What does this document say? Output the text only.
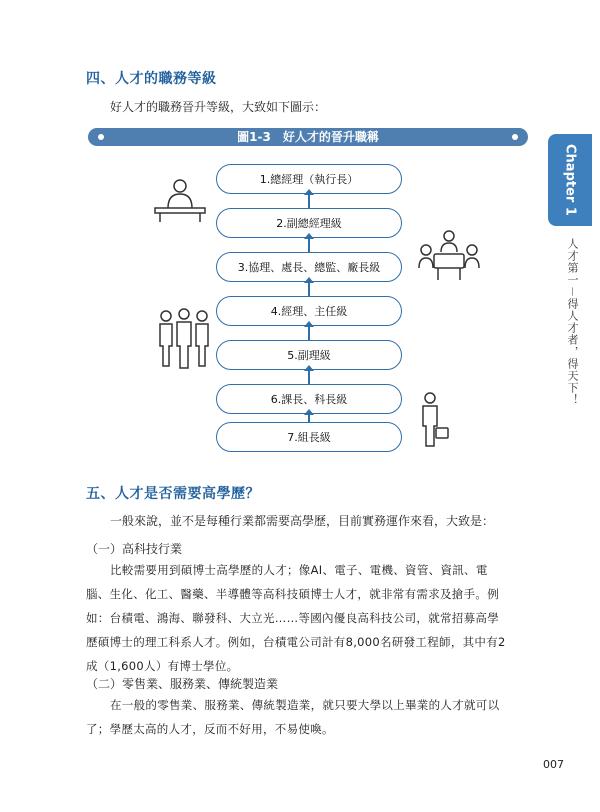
四、人才的職務等級
好人才的職務晉升等級，大致如下圖示：
圖1-3　好人才的晉升職稱
Chapter 1
人才第一－得人才者，得天下！
1.總經理（執行長）
2.副總經理級
3.協理、處長、總監、廠長級
4.經理、主任級
5.副理級
6.課長、科長級
7.組長級
五、人才是否需要高學歷？
一般來說，並不是每種行業都需要高學歷，目前實務運作來看，大致是：
（一）高科技行業
比較需要用到碩博士高學歷的人才；像AI、電子、電機、資管、資訊、電
腦、生化、化工、醫藥、半導體等高科技碩博士人才，就非常有需求及搶手。例
如：台積電、鴻海、聯發科、大立光……等國內優良高科技公司，就常招募高學
歷碩博士的理工科系人才。例如，台積電公司計有8,000名研發工程師，其中有2
成（1,600人）有博士學位。
（二）零售業、服務業、傳統製造業
在一般的零售業、服務業、傳統製造業，就只要大學以上畢業的人才就可以
了；學歷太高的人才，反而不好用，不易使喚。
007
